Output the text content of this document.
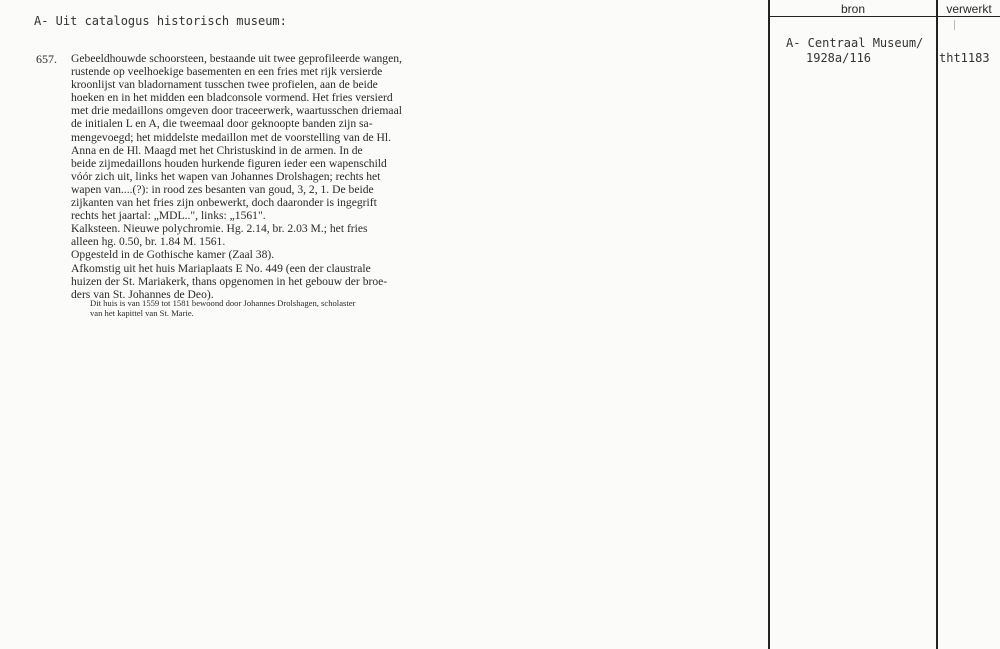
A- Uit catalogus historisch museum:
657. Gebeeldhouwde schoorsteen, bestaande uit twee geprofileerde wangen,
rustende op veelhoekige basementen en een fries met rijk versierde
kroonlijst van bladornament tusschen twee profielen, aan de beide
hoeken en in het midden een bladconsole vormend. Het fries versierd
met drie medaillons omgeven door traceerwerk, waartusschen driemaal
de initialen L en A, die tweemaal door geknoopte banden zijn sa-
mengevoegd; het middelste medaillon met de voorstelling van de Hl.
Anna en de Hl. Maagd met het Christuskind in de armen. In de
beide zijmedaillons houden hurkende figuren ieder een wapenschild
vóór zich uit, links het wapen van Johannes Drolshagen; rechts het
wapen van....(?): in rood zes besanten van goud, 3, 2, 1. De beide
zijkanten van het fries zijn onbewerkt, doch daaronder is ingegrift
rechts het jaartal: „MDL..", links: „1561".
Kalksteen. Nieuwe polychromie. Hg. 2.14, br. 2.03 M.; het fries
alleen hg. 0.50, br. 1.84 M. 1561.
Opgesteld in de Gothische kamer (Zaal 38).
Afkomstig uit het huis Mariaplaats E No. 449 (een der claustrale
huizen der St. Mariakerk, thans opgenomen in het gebouw der broe-
ders van St. Johannes de Deo).
Dit huis is van 1559 tot 1581 bewoond door Johannes Drolshagen, scholaster
van het kapittel van St. Marie.
bron	verwerkt
A- Centraal Museum/
1928a/116	tht1183
